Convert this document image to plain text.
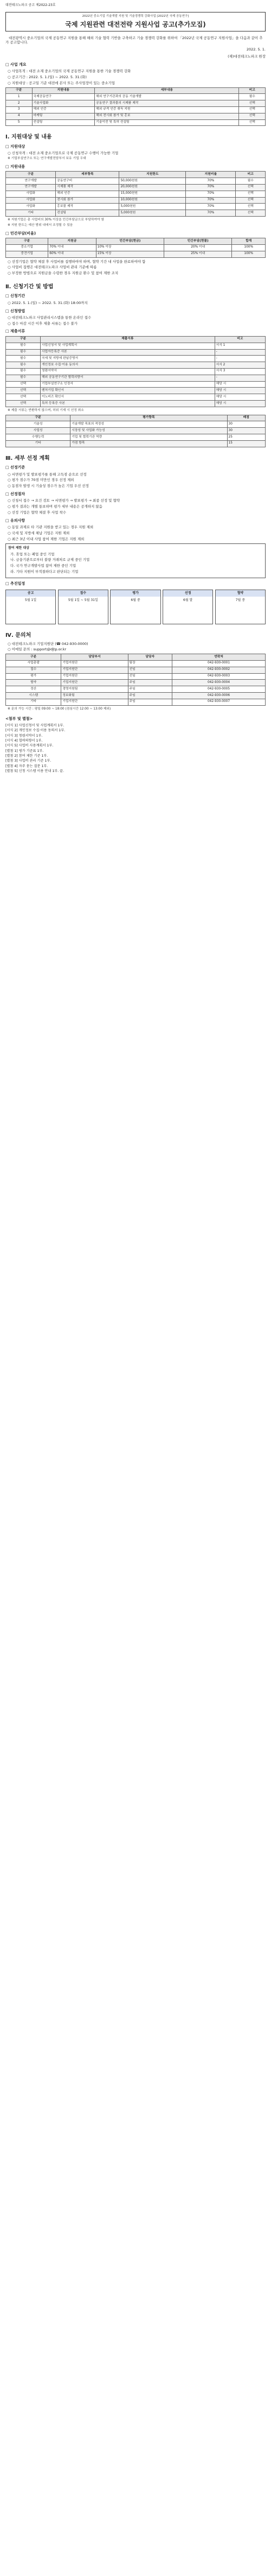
대전테크노파크 공고 제2022-23호
2022년 중소기업 기술개발 지원 및 기술경쟁력 강화사업 [2022년 국제 공동연구]
국제 지원관련 대전전략 지원사업 공고(추가모집)
대전광역시 중소기업의 국제 공동연구 지원을 통해 해외 기술 협력 기반을 구축하고 기술 경쟁력 강화를 위하여 「2022년 국제 공동연구 지원사업」을 다음과 같이 추가 공고합니다.
2022. 5. 1.
(재)대전테크노파크 원장
□ 사업 개요
○ 사업목적 : 대전 소재 중소기업의 국제 공동연구 지원을 통한 기술 경쟁력 강화
○ 공고기간 : 2022. 5. 1.(일) ~ 2022. 5. 31.(화)
○ 지원대상 : 공고일 기준 대전에 본사 또는 주사업장이 있는 중소기업
구분	지원내용	세부내용	비고
1	국제공동연구	해외 연구기관과의 공동 기술개발	필수
2	기술사업화	공동연구 결과물의 시제품 제작	선택
3	해외 인증	해외 규격 인증 취득 지원	선택
4	마케팅	해외 전시회 참가 및 홍보	선택
5	컨설팅	기술이전 및 특허 컨설팅	선택
Ⅰ. 지원대상 및 내용
□ 지원대상
○ 신청자격 : 대전 소재 중소기업으로 국제 공동연구 수행이 가능한 기업
※ 기업부설연구소 또는 연구개발전담부서 보유 기업 우대
□ 지원내용
구분	세부항목	지원한도	지원비율	비고
연구개발	공동연구비	50,000천원	70%	필수
연구개발	시제품 제작	20,000천원	70%	선택
사업화	해외 인증	15,000천원	70%	선택
사업화	전시회 참가	10,000천원	70%	선택
사업화	홍보물 제작	5,000천원	70%	선택
기타	컨설팅	5,000천원	70%	선택
※ 지원기업은 총 사업비의 30% 이상을 민간부담금으로 부담하여야 함
※ 지원 한도는 예산 범위 내에서 조정될 수 있음
□ 민간부담(비율)
구분	지원금	민간부담(현금)	민간부담(현물)	합계
중소기업	70% 이내	10% 이상	20% 이내	100%
중견기업	60% 이내	15% 이상	25% 이내	100%
○ 선정기업은 협약 체결 후 사업비를 집행하여야 하며, 협약 기간 내 사업을 완료하여야 함
○ 사업비 집행은 대전테크노파크 사업비 관리 기준에 따름
○ 부정한 방법으로 지원금을 수령한 경우 지원금 환수 및 참여 제한 조치
Ⅱ. 신청기간 및 방법
□ 신청기간
○ 2022. 5. 1.(일) ~ 2022. 5. 31.(화) 18:00까지
□ 신청방법
○ 대전테크노파크 사업관리시스템을 통한 온라인 접수
○ 접수 마감 시간 이후 제출 서류는 접수 불가
□ 제출서류
구분	제출서류	비고
필수	사업신청서 및 사업계획서	서식 1
필수	사업자등록증 사본	-
필수	국세 및 지방세 완납증명서	-
필수	개인정보 수집·이용 동의서	서식 2
필수	청렴서약서	서식 3
필수	해외 공동연구기관 협력의향서	-
선택	기업부설연구소 인정서	해당 시
선택	벤처기업 확인서	해당 시
선택	이노비즈 확인서	해당 시
선택	특허 등록증 사본	해당 시
※ 제출 서류는 반환하지 않으며, 허위 기재 시 선정 취소
구분	평가항목	배점
기술성	기술개발 목표의 적정성	30
사업성	시장성 및 사업화 가능성	30
수행능력	기업 및 협력기관 역량	25
기타	가점 항목	15
Ⅲ. 세부 선정 계획
□ 선정기준
○ 서면평가 및 발표평가를 통해 고득점 순으로 선정
○ 평가 점수가 70점 미만인 경우 선정 제외
○ 동점자 발생 시 기술성 점수가 높은 기업 우선 선정
□ 선정절차
○ 신청서 접수 → 요건 검토 → 서면평가 → 발표평가 → 최종 선정 및 협약
○ 평가 결과는 개별 통보하며 평가 세부 내용은 공개하지 않음
○ 선정 기업은 협약 체결 후 사업 착수
□ 유의사항
○ 동일 과제로 타 기관 지원을 받고 있는 경우 지원 제외
○ 국세 및 지방세 체납 기업은 지원 제외
○ 최근 3년 이내 사업 참여 제한 기업은 지원 제외
참여 제한 대상
가. 휴업 또는 폐업 중인 기업
나. 금융기관으로부터 불량 거래처로 규제 중인 기업
다. 국가 연구개발사업 참여 제한 중인 기업
라. 기타 지원이 부적절하다고 판단되는 기업
□ 추진일정
공고
5월 1일
접수
5월 1일 ~ 5월 31일
평가
6월 중
선정
6월 말
협약
7월 중
Ⅳ. 문의처
○ 대전테크노파크 기업지원단 (☎ 042-930-0000)
○ 이메일 문의 : support@djtp.or.kr
구분	담당부서	담당자	연락처
사업총괄	기업지원단	팀장	042-930-0001
접수	기업지원단	선임	042-930-0002
평가	기업지원단	선임	042-930-0003
협약	기업지원단	주임	042-930-0004
정산	경영지원팀	주임	042-930-0005
시스템	정보화팀	주임	042-930-0006
기타	기업지원단	주임	042-930-0007
※ 문의 가능 시간 : 평일 09:00 ~ 18:00 (점심시간 12:00 ~ 13:00 제외)
<첨부 및 별첨>
[서식 1] 사업신청서 및 사업계획서 1부.
[서식 2] 개인정보 수집·이용 동의서 1부.
[서식 3] 청렴서약서 1부.
[서식 4] 협력의향서 1부.
[서식 5] 사업비 사용계획서 1부.
[별첨 1] 평가 기준표 1부.
[별첨 2] 참여 제한 기준 1부.
[별첨 3] 사업비 관리 기준 1부.
[별첨 4] 자주 묻는 질문 1부.
[별첨 5] 신청 시스템 이용 안내 1부. 끝.
